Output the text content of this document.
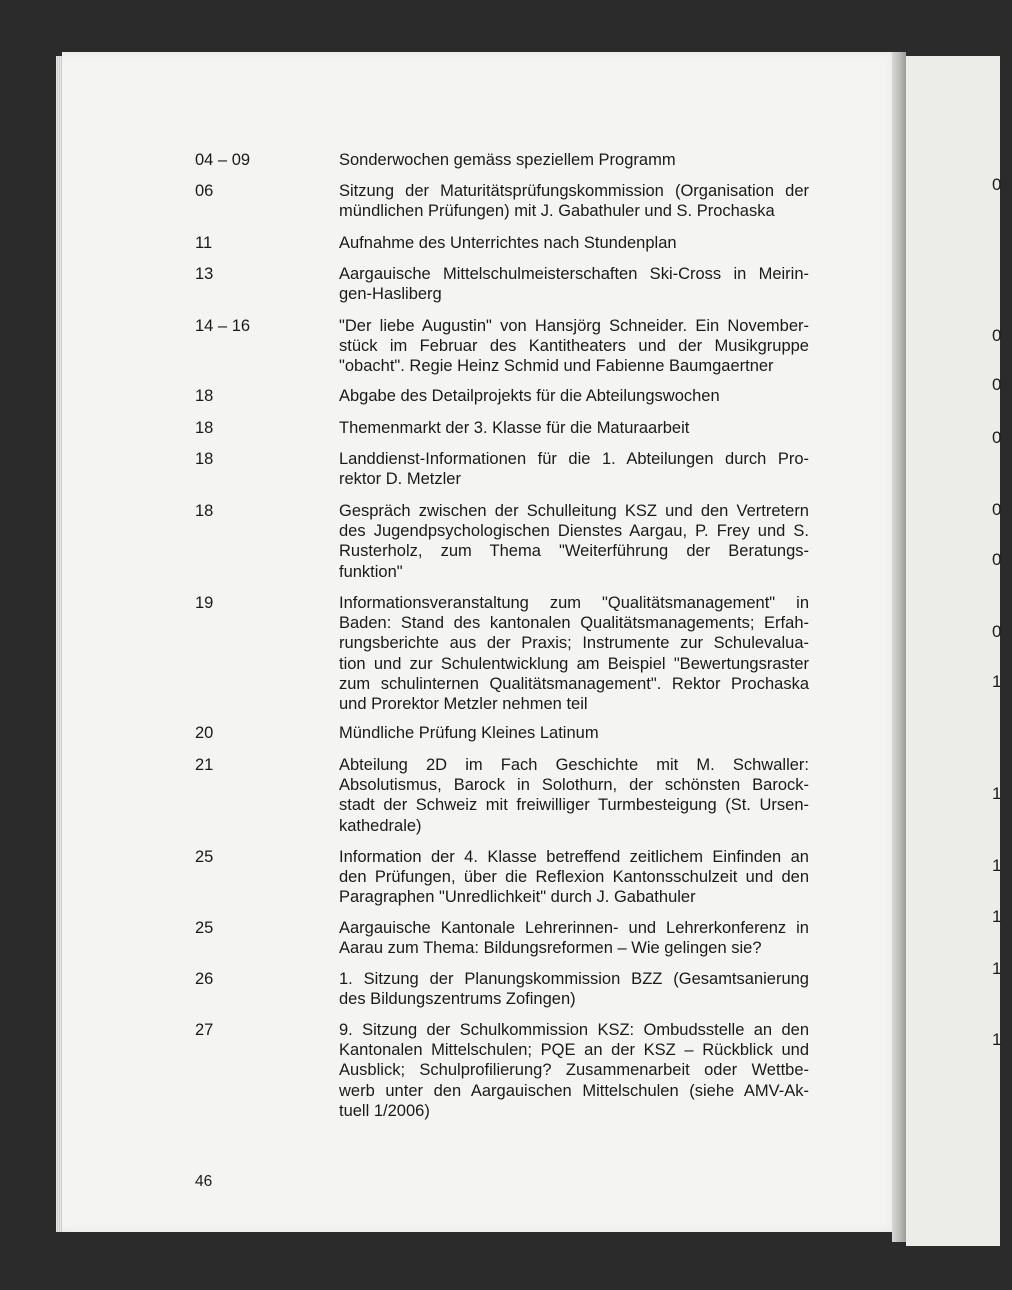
0
0
0
0
0
0
0
1
1
1
1
1
1
04 – 09	Sonderwochen gemäss speziellem Programm
06	Sitzung der Maturitätsprüfungskommission (Organisation der
mündlichen Prüfungen) mit J. Gabathuler und S. Prochaska
11	Aufnahme des Unterrichtes nach Stundenplan
13	Aargauische Mittelschulmeisterschaften Ski-Cross in Meirin-
gen-Hasliberg
14 – 16	"Der liebe Augustin" von Hansjörg Schneider. Ein November-
stück im Februar des Kantitheaters und der Musikgruppe
"obacht". Regie Heinz Schmid und Fabienne Baumgaertner
18	Abgabe des Detailprojekts für die Abteilungswochen
18	Themenmarkt der 3. Klasse für die Maturaarbeit
18	Landdienst-Informationen für die 1. Abteilungen durch Pro-
rektor D. Metzler
18	Gespräch zwischen der Schulleitung KSZ und den Vertretern
des Jugendpsychologischen Dienstes Aargau, P. Frey und S.
Rusterholz, zum Thema "Weiterführung der Beratungs-
funktion"
19	Informationsveranstaltung zum "Qualitätsmanagement" in
Baden: Stand des kantonalen Qualitätsmanagements; Erfah-
rungsberichte aus der Praxis; Instrumente zur Schulevalua-
tion und zur Schulentwicklung am Beispiel "Bewertungsraster
zum schulinternen Qualitätsmanagement". Rektor Prochaska
und Prorektor Metzler nehmen teil
20	Mündliche Prüfung Kleines Latinum
21	Abteilung 2D im Fach Geschichte mit M. Schwaller:
Absolutismus, Barock in Solothurn, der schönsten Barock-
stadt der Schweiz mit freiwilliger Turmbesteigung (St. Ursen-
kathedrale)
25	Information der 4. Klasse betreffend zeitlichem Einfinden an
den Prüfungen, über die Reflexion Kantonsschulzeit und den
Paragraphen "Unredlichkeit" durch J. Gabathuler
25	Aargauische Kantonale Lehrerinnen- und Lehrerkonferenz in
Aarau zum Thema: Bildungsreformen – Wie gelingen sie?
26	1. Sitzung der Planungskommission BZZ (Gesamtsanierung
des Bildungszentrums Zofingen)
27	9. Sitzung der Schulkommission KSZ: Ombudsstelle an den
Kantonalen Mittelschulen; PQE an der KSZ – Rückblick und
Ausblick; Schulprofilierung? Zusammenarbeit oder Wettbe-
werb unter den Aargauischen Mittelschulen (siehe AMV-Ak-
tuell 1/2006)
46
